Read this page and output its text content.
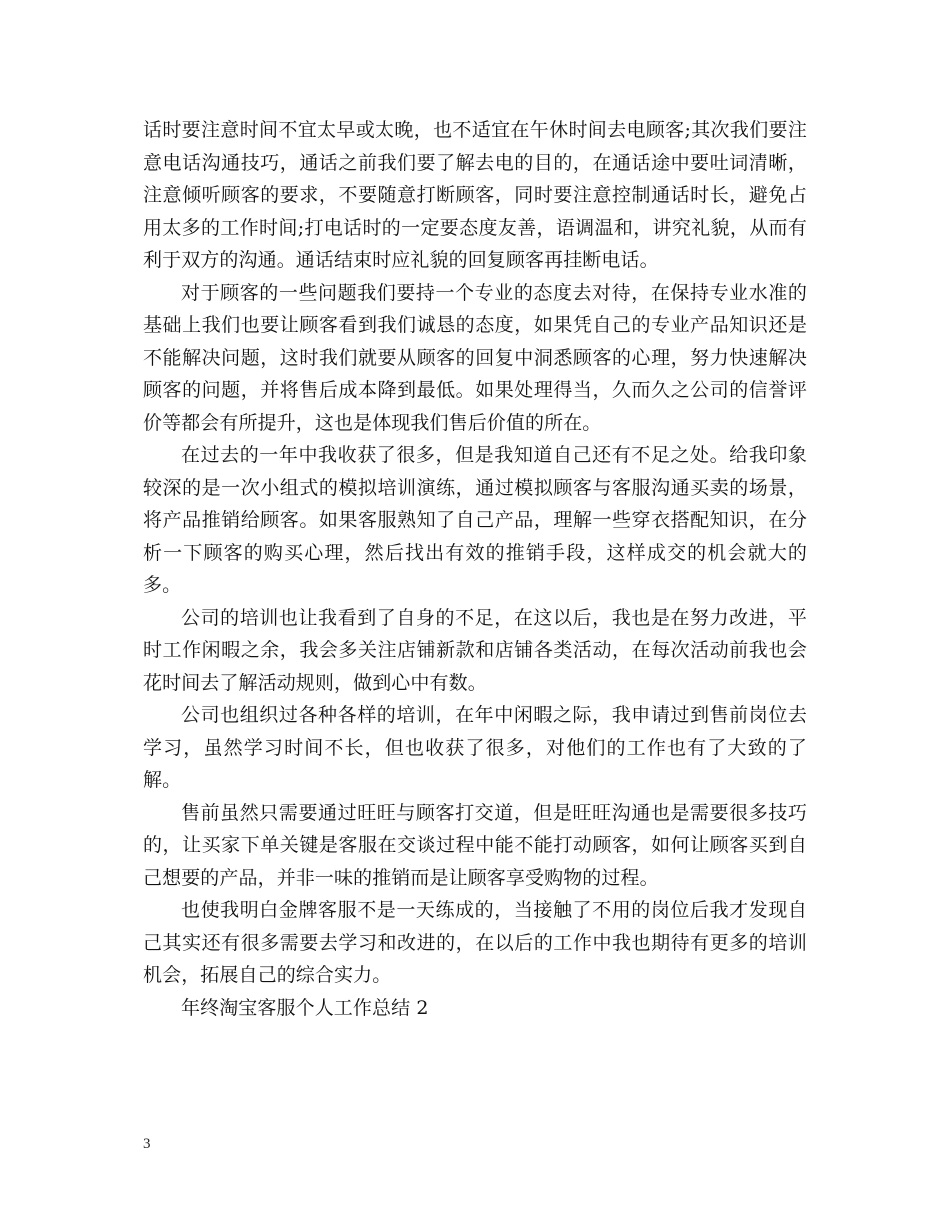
话时要注意时间不宜太早或太晚，也不适宜在午休时间去电顾客;其次我们要注意电话沟通技巧，通话之前我们要了解去电的目的，在通话途中要吐词清晰，注意倾听顾客的要求，不要随意打断顾客，同时要注意控制通话时长，避免占用太多的工作时间;打电话时的一定要态度友善，语调温和，讲究礼貌，从而有利于双方的沟通。通话结束时应礼貌的回复顾客再挂断电话。

对于顾客的一些问题我们要持一个专业的态度去对待，在保持专业水准的基础上我们也要让顾客看到我们诚恳的态度，如果凭自己的专业产品知识还是不能解决问题，这时我们就要从顾客的回复中洞悉顾客的心理，努力快速解决顾客的问题，并将售后成本降到最低。如果处理得当，久而久之公司的信誉评价等都会有所提升，这也是体现我们售后价值的所在。

在过去的一年中我收获了很多，但是我知道自己还有不足之处。给我印象较深的是一次小组式的模拟培训演练，通过模拟顾客与客服沟通买卖的场景，将产品推销给顾客。如果客服熟知了自己产品，理解一些穿衣搭配知识，在分析一下顾客的购买心理，然后找出有效的推销手段，这样成交的机会就大的多。

公司的培训也让我看到了自身的不足，在这以后，我也是在努力改进，平时工作闲暇之余，我会多关注店铺新款和店铺各类活动，在每次活动前我也会花时间去了解活动规则，做到心中有数。

公司也组织过各种各样的培训，在年中闲暇之际，我申请过到售前岗位去学习，虽然学习时间不长，但也收获了很多，对他们的工作也有了大致的了解。

售前虽然只需要通过旺旺与顾客打交道，但是旺旺沟通也是需要很多技巧的，让买家下单关键是客服在交谈过程中能不能打动顾客，如何让顾客买到自己想要的产品，并非一味的推销而是让顾客享受购物的过程。

也使我明白金牌客服不是一天练成的，当接触了不用的岗位后我才发现自己其实还有很多需要去学习和改进的，在以后的工作中我也期待有更多的培训机会，拓展自己的综合实力。

年终淘宝客服个人工作总结 2

3
